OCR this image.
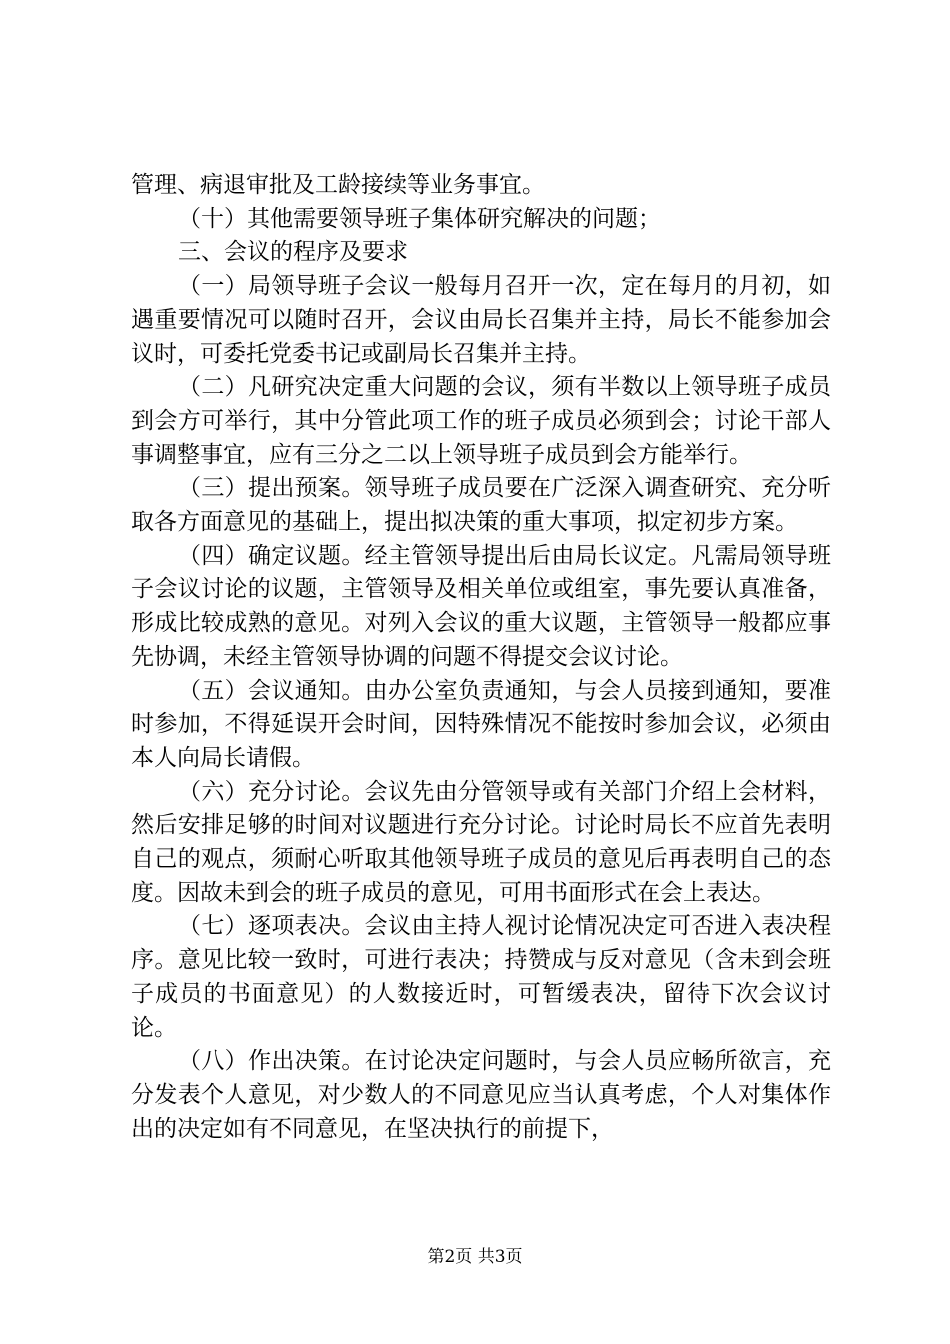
管理、病退审批及工龄接续等业务事宜。

（十）其他需要领导班子集体研究解决的问题；

三、会议的程序及要求

（一）局领导班子会议一般每月召开一次，定在每月的月初，如遇重要情况可以随时召开，会议由局长召集并主持，局长不能参加会议时，可委托党委书记或副局长召集并主持。

（二）凡研究决定重大问题的会议，须有半数以上领导班子成员到会方可举行，其中分管此项工作的班子成员必须到会；讨论干部人事调整事宜，应有三分之二以上领导班子成员到会方能举行。

（三）提出预案。领导班子成员要在广泛深入调查研究、充分听取各方面意见的基础上，提出拟决策的重大事项，拟定初步方案。

（四）确定议题。经主管领导提出后由局长议定。凡需局领导班子会议讨论的议题，主管领导及相关单位或组室，事先要认真准备，形成比较成熟的意见。对列入会议的重大议题，主管领导一般都应事先协调，未经主管领导协调的问题不得提交会议讨论。

（五）会议通知。由办公室负责通知，与会人员接到通知，要准时参加，不得延误开会时间，因特殊情况不能按时参加会议，必须由本人向局长请假。

（六）充分讨论。会议先由分管领导或有关部门介绍上会材料，然后安排足够的时间对议题进行充分讨论。讨论时局长不应首先表明自己的观点，须耐心听取其他领导班子成员的意见后再表明自己的态度。因故未到会的班子成员的意见，可用书面形式在会上表达。

（七）逐项表决。会议由主持人视讨论情况决定可否进入表决程序。意见比较一致时，可进行表决；持赞成与反对意见（含未到会班子成员的书面意见）的人数接近时，可暂缓表决，留待下次会议讨论。

（八）作出决策。在讨论决定问题时，与会人员应畅所欲言，充分发表个人意见，对少数人的不同意见应当认真考虑，个人对集体作出的决定如有不同意见，在坚决执行的前提下，

第2页 共3页
